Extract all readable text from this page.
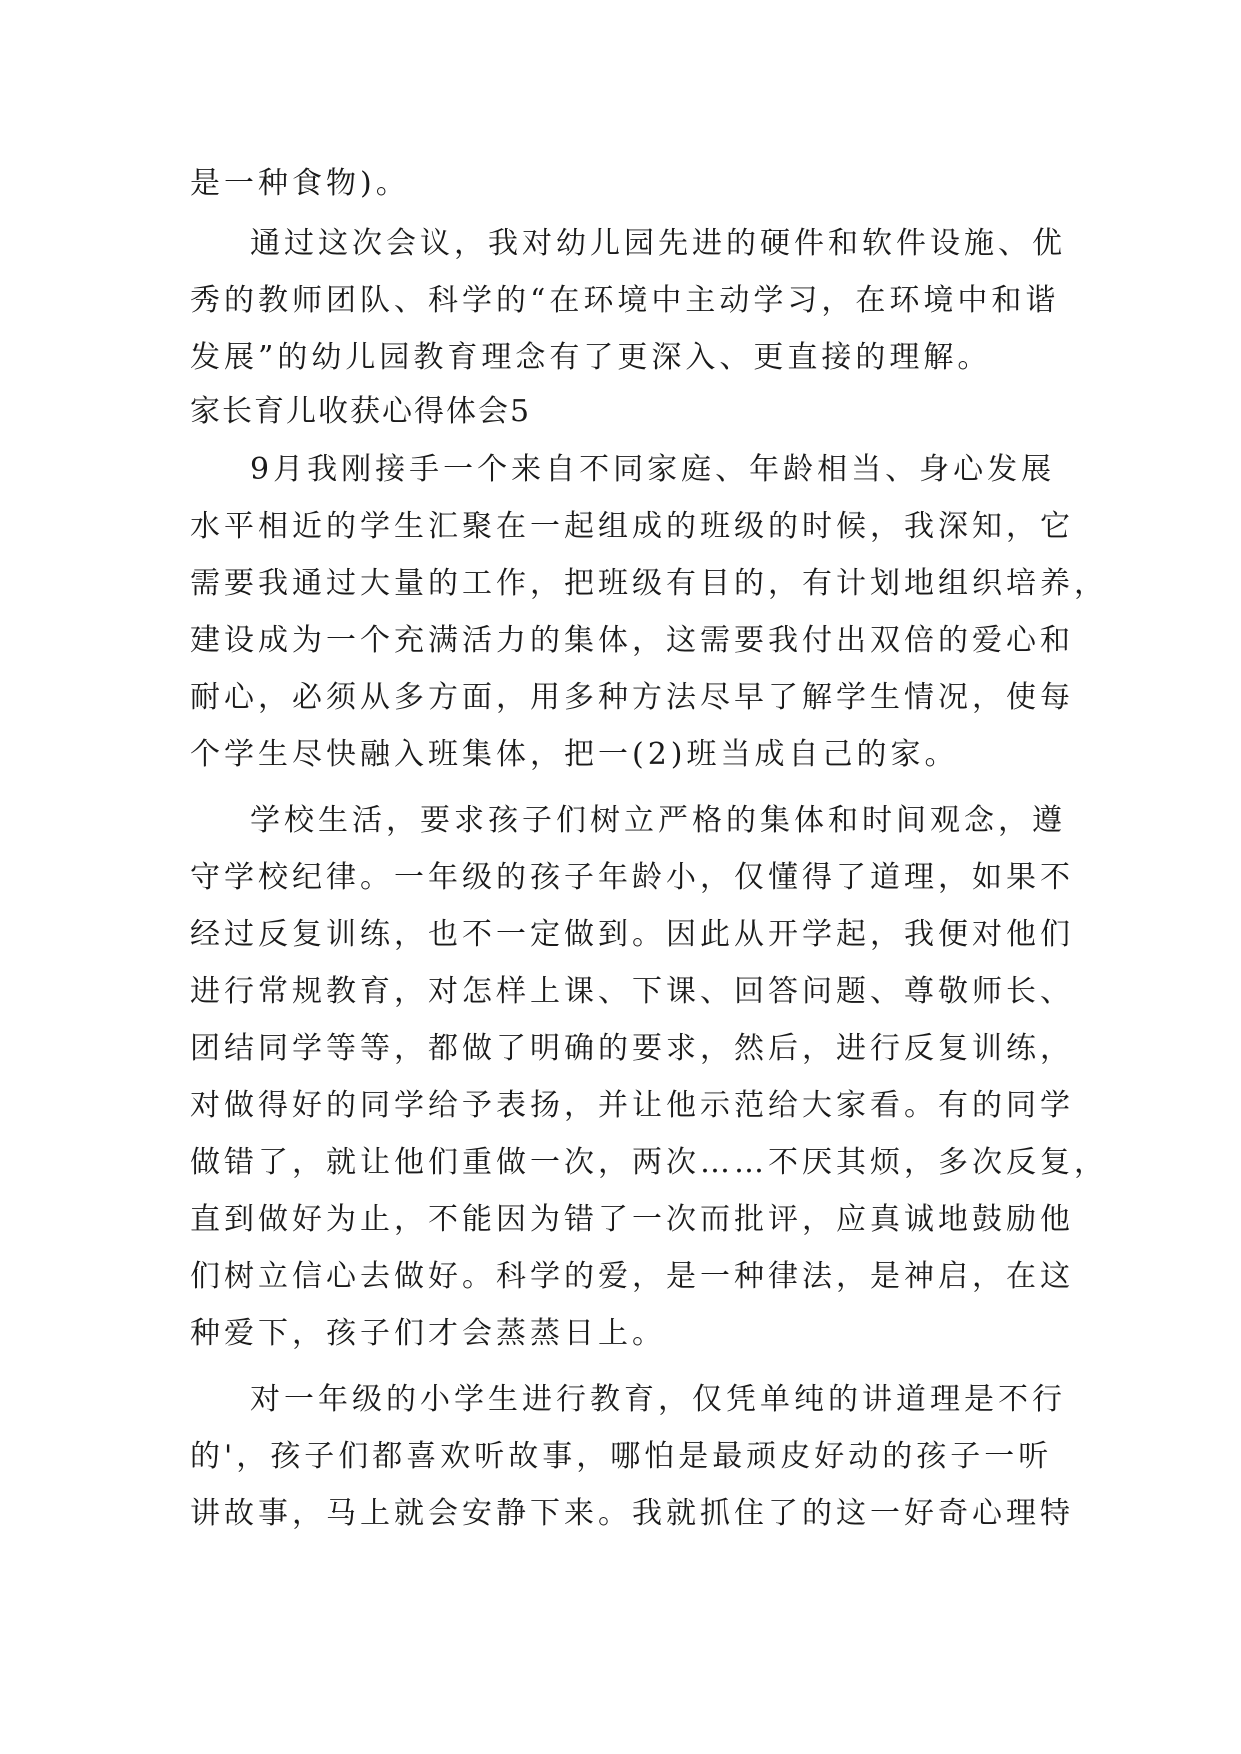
是一种食物)。
通过这次会议，我对幼儿园先进的硬件和软件设施、优
秀的教师团队、科学的“在环境中主动学习，在环境中和谐
发展”的幼儿园教育理念有了更深入、更直接的理解。
家长育儿收获心得体会5
9月我刚接手一个来自不同家庭、年龄相当、身心发展
水平相近的学生汇聚在一起组成的班级的时候，我深知，它
需要我通过大量的工作，把班级有目的，有计划地组织培养，
建设成为一个充满活力的集体，这需要我付出双倍的爱心和
耐心，必须从多方面，用多种方法尽早了解学生情况，使每
个学生尽快融入班集体，把一(2)班当成自己的家。
学校生活，要求孩子们树立严格的集体和时间观念，遵
守学校纪律。一年级的孩子年龄小，仅懂得了道理，如果不
经过反复训练，也不一定做到。因此从开学起，我便对他们
进行常规教育，对怎样上课、下课、回答问题、尊敬师长、
团结同学等等，都做了明确的要求，然后，进行反复训练，
对做得好的同学给予表扬，并让他示范给大家看。有的同学
做错了，就让他们重做一次，两次……不厌其烦，多次反复，
直到做好为止，不能因为错了一次而批评，应真诚地鼓励他
们树立信心去做好。科学的爱，是一种律法，是神启，在这
种爱下，孩子们才会蒸蒸日上。
对一年级的小学生进行教育，仅凭单纯的讲道理是不行
的'，孩子们都喜欢听故事，哪怕是最顽皮好动的孩子一听
讲故事，马上就会安静下来。我就抓住了的这一好奇心理特
